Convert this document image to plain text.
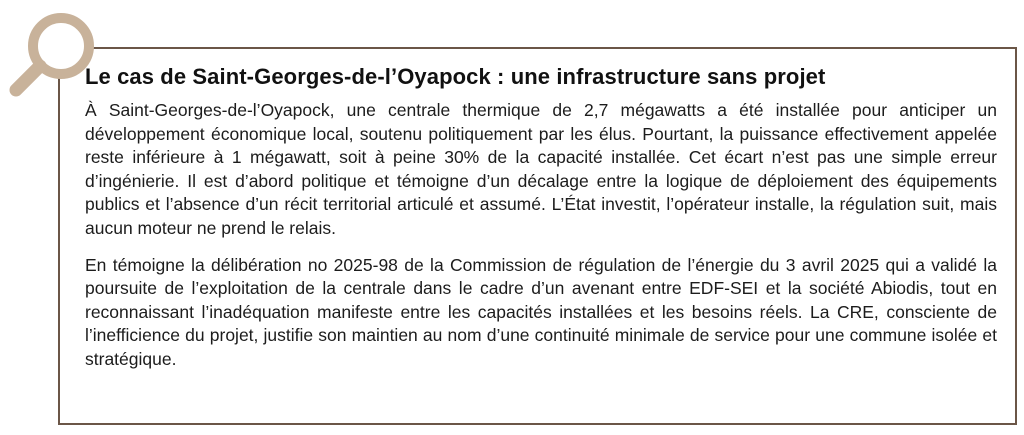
Le cas de Saint-Georges-de-l’Oyapock : une infrastructure sans projet

À Saint-Georges-de-l’Oyapock, une centrale thermique de 2,7 mégawatts a été installée pour anticiper un développement économique local, soutenu politiquement par les élus. Pourtant, la puissance effectivement appelée reste inférieure à 1 mégawatt, soit à peine 30% de la capacité installée. Cet écart n’est pas une simple erreur d’ingénierie. Il est d’abord politique et témoigne d’un décalage entre la logique de déploiement des équipements publics et l’absence d’un récit territorial articulé et assumé. L’État investit, l’opérateur installe, la régulation suit, mais aucun moteur ne prend le relais.

En témoigne la délibération no 2025-98 de la Commission de régulation de l’énergie du 3 avril 2025 qui a validé la poursuite de l’exploitation de la centrale dans le cadre d’un avenant entre EDF-SEI et la société Abiodis, tout en reconnaissant l’inadéquation manifeste entre les capacités installées et les besoins réels. La CRE, consciente de l’inefficience du projet, justifie son maintien au nom d’une continuité minimale de service pour une commune isolée et stratégique.
